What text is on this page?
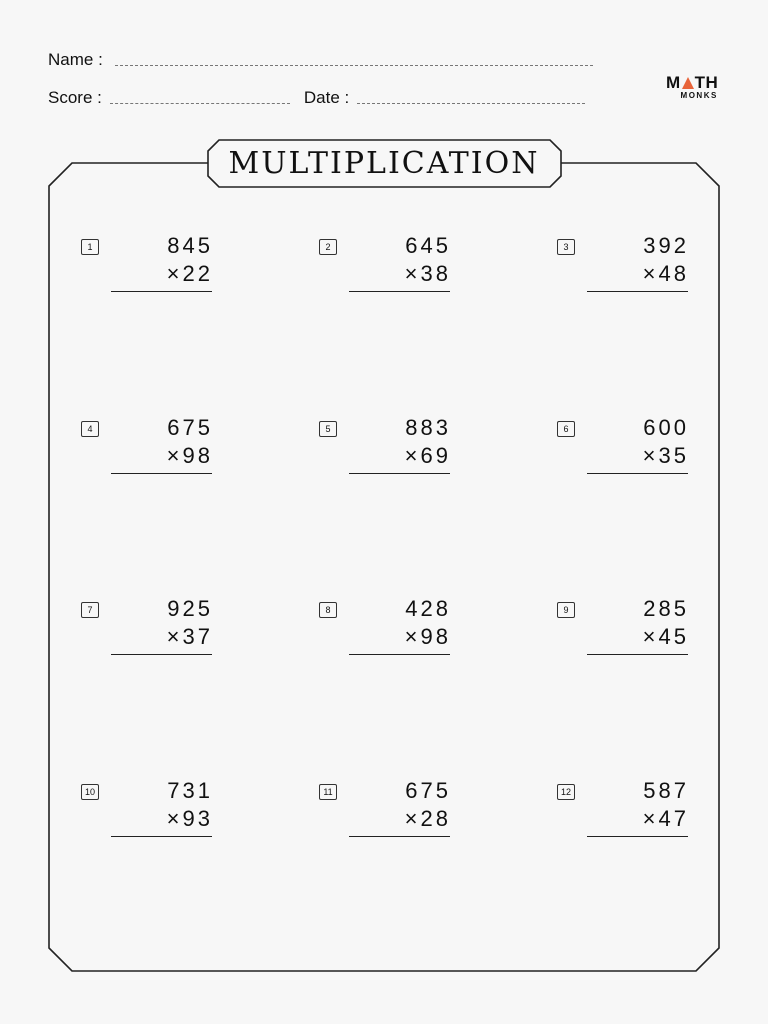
Name :
Score :	Date :
M TH
MONKS
MULTIPLICATION
1	845
×22
2	645
×38
3	392
×48
4	675
×98
5	883
×69
6	600
×35
7	925
×37
8	428
×98
9	285
×45
10	731
×93
11	675
×28
12	587
×47
